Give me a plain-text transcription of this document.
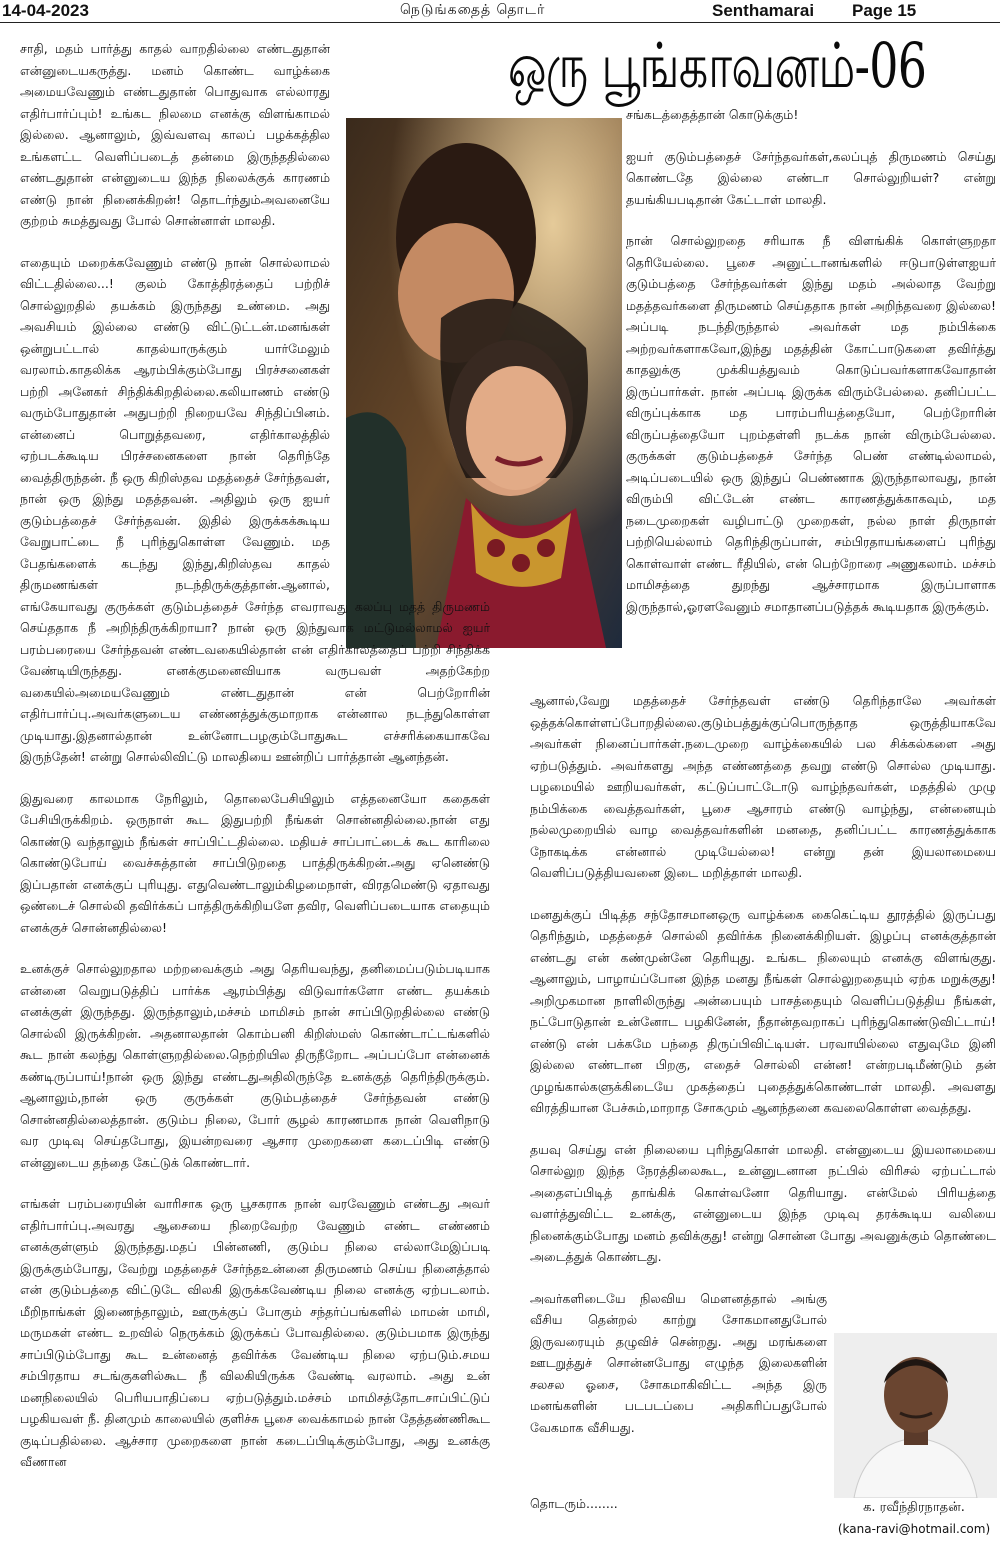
14-04-2023	நெடுங்கதைத் தொடர்	Senthamarai Page 15
ஒரு பூங்காவனம்-06

சாதி, மதம் பார்த்து காதல் வாறதில்லை எண்டதுதான் என்னுடையகருத்து. மனம் கொண்ட வாழ்க்கை அமையவேணும் எண்டதுதான் பொதுவாக எல்லாரது எதிர்பார்ப்பும்! உங்கட நிலமை எனக்கு விளங்காமல் இல்லை. ஆனாலும், இவ்வளவு காலப் பழக்கத்தில உங்களட்ட வெளிப்படைத் தன்மை இருந்ததில்லை எண்டதுதான் என்னுடைய இந்த நிலைக்குக் காரணம் எண்டு நான் நினைக்கிறன்! தொடர்ந்தும்அவனையே குற்றம் சுமத்துவது போல் சொன்னாள் மாலதி.

எதையும் மறைக்கவேணும் எண்டு நான் சொல்லாமல் விட்டதில்லை...! குலம் கோத்திரத்தைப் பற்றிச் சொல்லுறதில் தயக்கம் இருந்தது உண்மை. அது அவசியம் இல்லை எண்டு விட்டுட்டன்.மனங்கள் ஒன்றுபட்டால் காதல்யாருக்கும் யார்மேலும் வரலாம்.காதலிக்க ஆரம்பிக்கும்போது பிரச்சனைகள் பற்றி அனேகர் சிந்திக்கிறதில்லை.கலியாணம் எண்டு வரும்போதுதான் அதுபற்றி நிறையவே சிந்திப்பினம். என்னைப் பொறுத்தவரை, எதிர்காலத்தில் ஏற்படக்கூடிய பிரச்சனைகளை நான் தெரிந்தே வைத்திருந்தன். நீ ஒரு கிறிஸ்தவ மதத்தைச் சேர்ந்தவள், நான் ஒரு இந்து மதத்தவன். அதிலும் ஒரு ஐயர் குடும்பத்தைச் சேர்ந்தவன். இதில் இருக்கக்கூடிய வேறுபாட்டை நீ புரிந்துகொள்ள வேணும். மத பேதங்களைக் கடந்து இந்து,கிறிஸ்தவ காதல் திருமணங்கள் நடந்திருக்குத்தான்.ஆனால், எங்கேயாவது குருக்கள் குடும்பத்தைச் சேர்ந்த எவராவது கலப்பு மதத் திருமணம் செய்ததாக நீ அறிந்திருக்கிறாயா? நான் ஒரு இந்துவாக மட்டுமல்லாமல் ஐயர் பரம்பரையை சேர்ந்தவன் எண்டவகையில்தான் என் எதிர்காலத்தைப் பற்றி சிந்திக்க வேண்டியிருந்தது. எனக்குமனைவியாக வருபவள் அதற்கேற்ற வகையில்அமையவேணும் எண்டதுதான் என் பெற்றோரின் எதிர்பார்ப்பு.அவர்களுடைய எண்ணத்துக்குமாறாக என்னால நடந்துகொள்ள முடியாது.இதனால்தான் உன்னோடபழகும்போதுகூட எச்சரிக்கையாகவே இருந்தேன்! என்று சொல்லிவிட்டு மாலதியை ஊன்றிப் பார்த்தான் ஆனந்தன்.

இதுவரை காலமாக நேரிலும், தொலைபேசியிலும் எத்தனையோ கதைகள் பேசியிருக்கிறம். ஒருநாள் கூட இதுபற்றி நீங்கள் சொன்னதில்லை.நான் எது கொண்டு வந்தாலும் நீங்கள் சாப்பிட்டதில்லை. மதியச் சாப்பாட்டைக் கூட காரிலை கொண்டுபோய் வைச்சுத்தான் சாப்பிடுறதை பாத்திருக்கிறன்.அது ஏனெண்டு இப்பதான் எனக்குப் புரியுது. எதுவெண்டாலும்கிழமைநாள், விரதமெண்டு ஏதாவது ஒண்டைச் சொல்லி தவிர்க்கப் பாத்திருக்கிறியளே தவிர, வெளிப்படையாக எதையும் எனக்குச் சொன்னதில்லை!

உனக்குச் சொல்லுறதால மற்றவைக்கும் அது தெரியவந்து, தனிமைப்படும்படியாக என்னை வெறுபடுத்திப் பார்க்க ஆரம்பித்து விடுவார்களோ எண்ட தயக்கம் எனக்குள் இருந்தது. இருந்தாலும்,மச்சம் மாமிசம் நான் சாப்பிடுறதில்லை எண்டு சொல்லி இருக்கிறன். அதனாலதான் கொம்பனி கிறிஸ்மஸ் கொண்டாட்டங்களில் கூட நான் கலந்து கொள்ளுறதில்லை.நெற்றியில திருநீறோட அப்பப்போ என்னைக் கண்டிருப்பாய்!நான் ஒரு இந்து எண்டதுஅதிலிருந்தே உனக்குத் தெரிந்திருக்கும். ஆனாலும்,நான் ஒரு குருக்கள் குடும்பத்தைச் சேர்ந்தவன் எண்டு சொன்னதில்லைத்தான். குடும்ப நிலை, போர் சூழல் காரணமாக நான் வெளிநாடு வர முடிவு செய்தபோது, இயன்றவரை ஆசார முறைகளை கடைப்பிடி எண்டு என்னுடைய தந்தை கேட்டுக் கொண்டார்.

எங்கள் பரம்பரையின் வாரிசாக ஒரு பூசகராக நான் வரவேணும் எண்டது அவர் எதிர்பார்ப்பு.அவரது ஆசையை நிறைவேற்ற வேணும் எண்ட எண்ணம் எனக்குள்ளும் இருந்தது.மதப் பின்னணி, குடும்ப நிலை எல்லாமேஇப்படி இருக்கும்போது, வேற்று மதத்தைச் சேர்ந்தஉன்னை திருமணம் செய்ய நினைத்தால் என் குடும்பத்தை விட்டுடே விலகி இருக்கவேண்டிய நிலை எனக்கு ஏற்படலாம். மீறிநாங்கள் இணைந்தாலும், ஊருக்குப் போகும் சந்தர்ப்பங்களில் மாமன் மாமி, மருமகள் எண்ட உறவில் நெருக்கம் இருக்கப் போவதில்லை. குடும்பமாக இருந்து சாப்பிடும்போது கூட உன்னைத் தவிர்க்க வேண்டிய நிலை ஏற்படும்.சமய சம்பிரதாய சடங்குகளில்கூட நீ விலகியிருக்க வேண்டி வரலாம். அது உன் மனநிலையில் பெரியபாதிப்பை ஏற்படுத்தும்.மச்சம் மாமிசத்தோடசாப்பிட்டுப் பழகியவள் நீ. தினமும் காலையில் குளிச்சு பூசை வைக்காமல் நான் தேத்தண்ணிகூட குடிப்பதில்லை. ஆச்சார முறைகளை நான் கடைப்பிடிக்கும்போது, அது உனக்கு வீணான

சங்கடத்தைத்தான் கொடுக்கும்!

ஐயர் குடும்பத்தைச் சேர்ந்தவர்கள்,கலப்புத் திருமணம் செய்து கொண்டதே இல்லை எண்டா சொல்லுறியள்? என்று தயங்கியபடிதான் கேட்டாள் மாலதி.

நான் சொல்லுறதை சரியாக நீ விளங்கிக் கொள்ளுறதா தெரியேல்லை. பூசை அனுட்டானங்களில் ஈடுபாடுள்ளஐயர் குடும்பத்தை சேர்ந்தவர்கள் இந்து மதம் அல்லாத வேற்று மதத்தவர்களை திருமணம் செய்ததாக நான் அறிந்தவரை இல்லை!அப்படி நடந்திருந்தால் அவர்கள் மத நம்பிக்கை அற்றவர்களாகவோ,இந்து மதத்தின் கோட்பாடுகளை தவிர்த்து காதலுக்கு முக்கியத்துவம் கொடுப்பவர்களாகவோதான் இருப்பார்கள். நான் அப்படி இருக்க விரும்பேல்லை. தனிப்பட்ட விருப்புக்காக மத பாரம்பரியத்தையோ, பெற்றோரின் விருப்பத்தையோ புறம்தள்ளி நடக்க நான் விரும்பேல்லை. குருக்கள் குடும்பத்தைச் சேர்ந்த பெண் எண்டில்லாமல், அடிப்படையில் ஒரு இந்துப் பெண்ணாக இருந்தாலாவது, நான் விரும்பி விட்டேன் எண்ட காரணத்துக்காகவும், மத நடைமுறைகள் வழிபாட்டு முறைகள், நல்ல நாள் திருநாள் பற்றியெல்லாம் தெரிந்திருப்பாள், சம்பிரதாயங்களைப் புரிந்து கொள்வாள் எண்ட ரீதியில், என் பெற்றோரை அணுகலாம். மச்சம் மாமிசத்தை துறந்து ஆச்சாரமாக இருப்பாளாக இருந்தால்,ஓரளவேனும் சமாதானப்படுத்தக் கூடியதாக இருக்கும்.

ஆனால்,வேறு மதத்தைச் சேர்ந்தவள் எண்டு தெரிந்தாலே அவர்கள் ஒத்தக்கொள்ளப்போறதில்லை.குடும்பத்துக்குப்பொருந்தாத ஒருத்தியாகவே அவர்கள் நினைப்பார்கள்.நடைமுறை வாழ்க்கையில் பல சிக்கல்களை அது ஏற்படுத்தும். அவர்களது அந்த எண்ணத்தை தவறு எண்டு சொல்ல முடியாது. பழமையில் ஊறியவர்கள், கட்டுப்பாட்டோடு வாழ்ந்தவர்கள், மதத்தில் முழு நம்பிக்கை வைத்தவர்கள், பூசை ஆசாரம் எண்டு வாழ்ந்து, என்னையும் நல்லமுறையில் வாழ வைத்தவர்களின் மனதை, தனிப்பட்ட காரணத்துக்காக நோகடிக்க என்னால் முடியேல்லை! என்று தன் இயலாமையை வெளிப்படுத்தியவனை இடை மறித்தாள் மாலதி.

மனதுக்குப் பிடித்த சந்தோசமானஒரு வாழ்க்கை கைகெட்டிய தூரத்தில் இருப்பது தெரிந்தும், மதத்தைச் சொல்லி தவிர்க்க நினைக்கிறியள். இழப்பு எனக்குத்தான் எண்டது என் கண்முன்னே தெரியுது. உங்கட நிலையும் எனக்கு விளங்குது. ஆனாலும், பாழாய்ப்போன இந்த மனது நீங்கள் சொல்லுறதையும் ஏற்க மறுக்குது! அறிமுகமான நாளிலிருந்து அன்பையும் பாசத்தையும் வெளிப்படுத்திய நீங்கள், நட்போடுதான் உன்னோட பழகினேன், நீதான்தவறாகப் புரிந்துகொண்டுவிட்டாய்! எண்டு என் பக்கமே பந்தை திருப்பிவிட்டியள். பரவாயில்லை எதுவுமே இனி இல்லை எண்டான பிறகு, எதைச் சொல்லி என்ன! என்றபடிமீண்டும் தன் முழங்கால்களுக்கிடையே முகத்தைப் புதைத்துக்கொண்டாள் மாலதி. அவளது விரத்தியான பேச்சும்,மாறாத சோகமும் ஆனந்தனை கவலைகொள்ள வைத்தது.

தயவு செய்து என் நிலையை புரிந்துகொள் மாலதி. என்னுடைய இயலாமையை சொல்லுற இந்த நேரத்திலைகூட, உன்னுடனான நட்பில் விரிசல் ஏற்பட்டால் அதைஎப்பிடித் தாங்கிக் கொள்வனோ தெரியாது. என்மேல் பிரியத்தை வளர்த்துவிட்ட உனக்கு, என்னுடைய இந்த முடிவு தரக்கூடிய வலியை நினைக்கும்போது மனம் தவிக்குது! என்று சொன்ன போது அவனுக்கும் தொண்டை அடைத்துக் கொண்டது.

அவர்களிடையே நிலவிய மௌனத்தால் அங்கு வீசிய தென்றல் காற்று சோகமானதுபோல் இருவரையும் தழுவிச் சென்றது. அது மரங்களை ஊடறுத்துச் சொன்னபோது எழுந்த இலைகளின் சலசல ஓசை, சோகமாகிவிட்ட அந்த இரு மனங்களின் படபடப்பை அதிகரிப்பதுபோல் வேகமாக வீசியது.

தொடரும்........	க. ரவீந்திரநாதன்.
(kana-ravi@hotmail.com)
